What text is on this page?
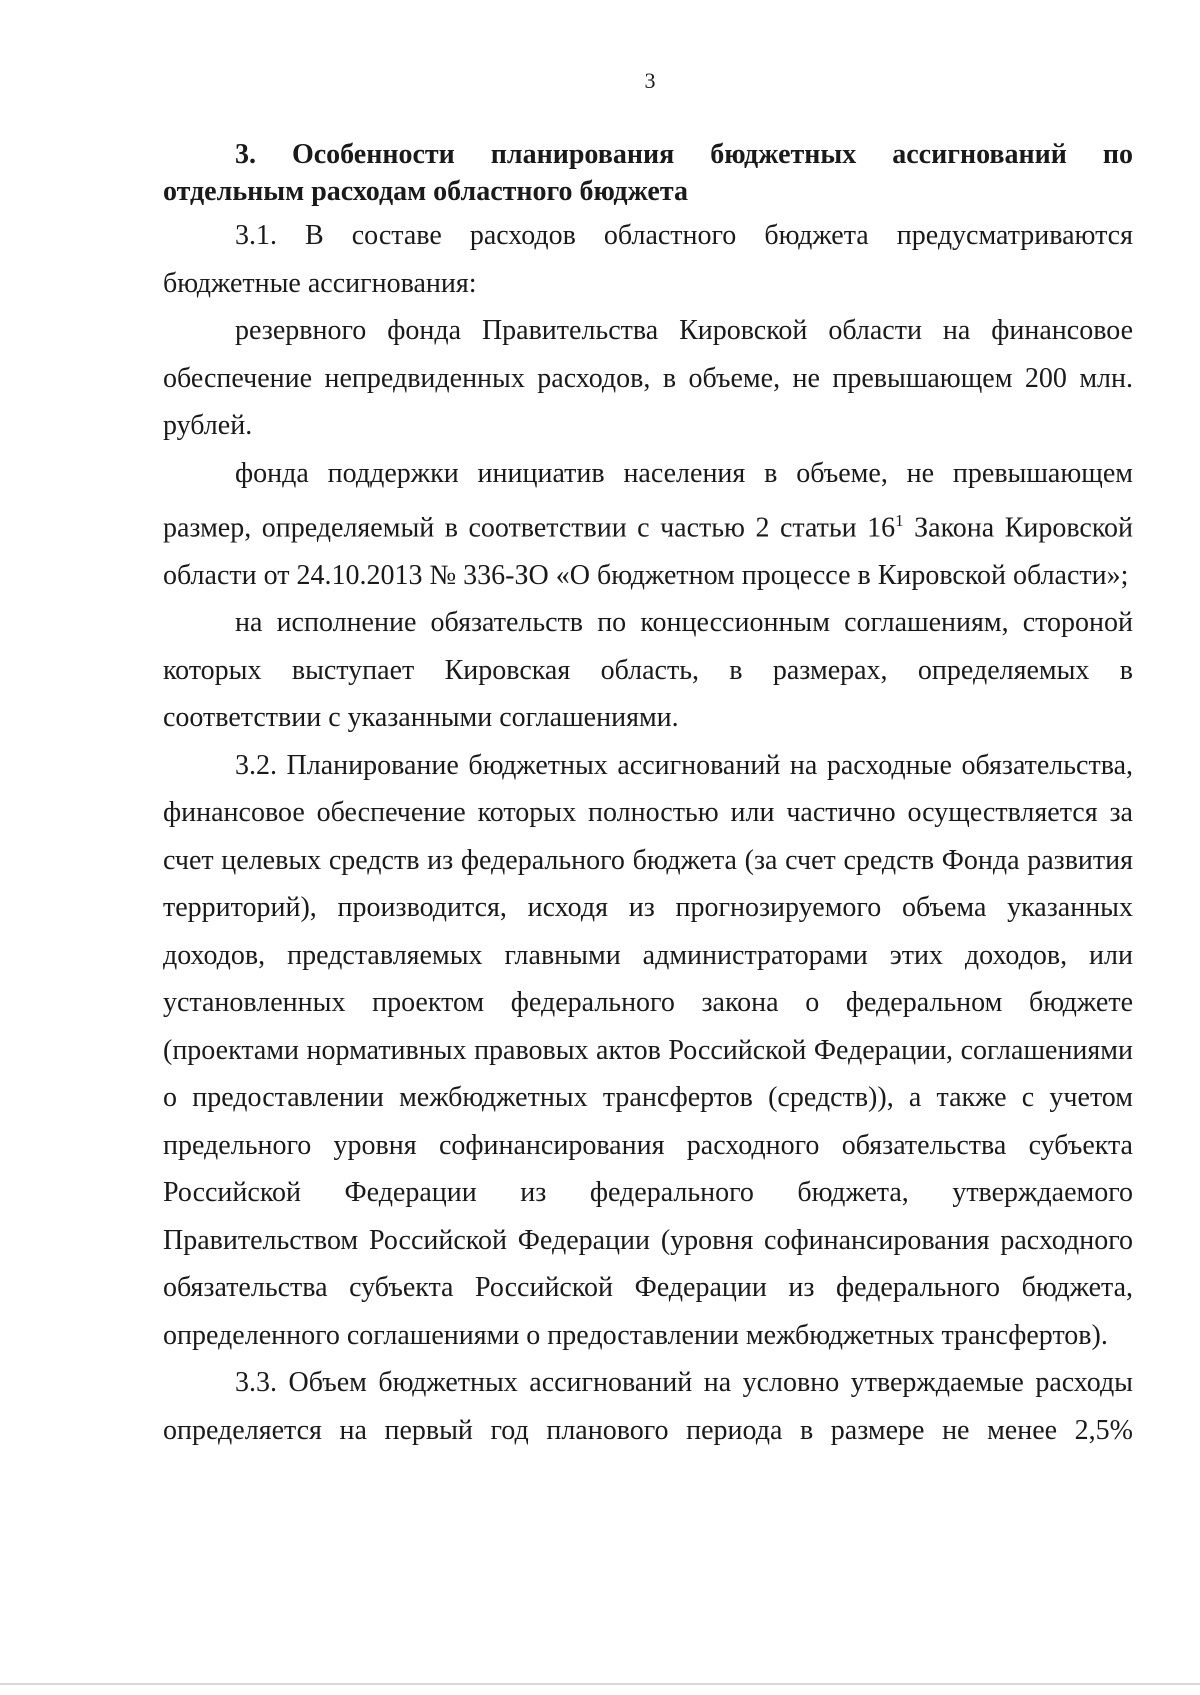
3

3. Особенности планирования бюджетных ассигнований по отдельным расходам областного бюджета

3.1. В составе расходов областного бюджета предусматриваются бюджетные ассигнования:

резервного фонда Правительства Кировской области на финансовое обеспечение непредвиденных расходов, в объеме, не превышающем 200 млн. рублей.

фонда поддержки инициатив населения в объеме, не превышающем размер, определяемый в соответствии с частью 2 статьи $16^1$ Закона Кировской области от 24.10.2013 № 336-ЗО «О бюджетном процессе в Кировской области»;

на исполнение обязательств по концессионным соглашениям, стороной которых выступает Кировская область, в размерах, определяемых в соответствии с указанными соглашениями.

3.2. Планирование бюджетных ассигнований на расходные обязательства, финансовое обеспечение которых полностью или частично осуществляется за счет целевых средств из федерального бюджета (за счет средств Фонда развития территорий), производится, исходя из прогнозируемого объема указанных доходов, представляемых главными администраторами этих доходов, или установленных проектом федерального закона о федеральном бюджете (проектами нормативных правовых актов Российской Федерации, соглашениями о предоставлении межбюджетных трансфертов (средств)), а также с учетом предельного уровня софинансирования расходного обязательства субъекта Российской Федерации из федерального бюджета, утверждаемого Правительством Российской Федерации (уровня софинансирования расходного обязательства субъекта Российской Федерации из федерального бюджета, определенного соглашениями о предоставлении межбюджетных трансфертов).

3.3. Объем бюджетных ассигнований на условно утверждаемые расходы определяется на первый год планового периода в размере не менее 2,5%
